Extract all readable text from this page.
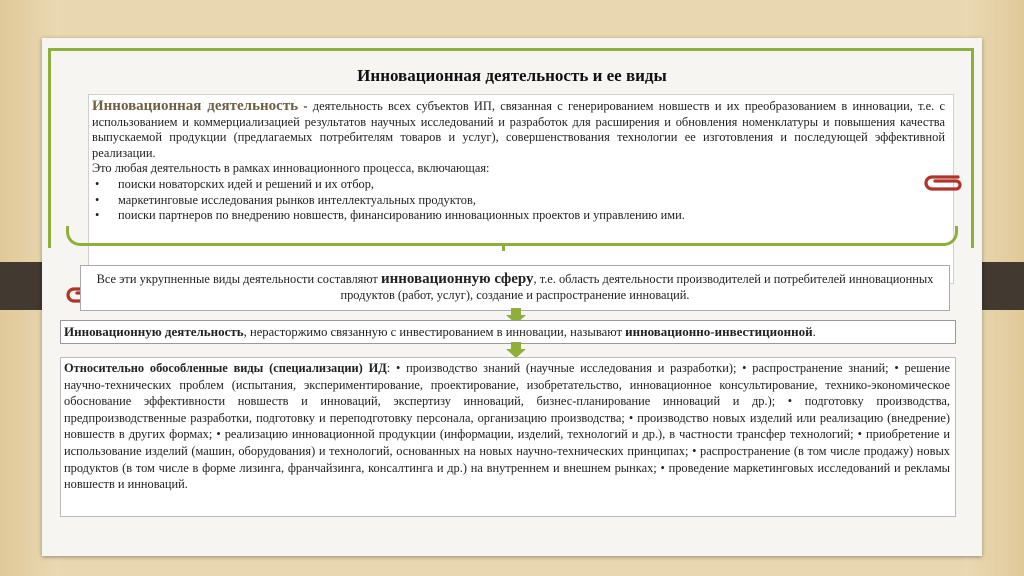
Инновационная деятельность и ее виды

Инновационная деятельность - деятельность всех субъектов ИП, связанная с генерированием новшеств и их преобразованием в инновации, т.е. с использованием и коммерциализацией результатов научных исследований и разработок для расширения и обновления номенклатуры и повышения качества выпускаемой продукции (предлагаемых потребителям товаров и услуг), совершенствования технологии ее изготовления и последующей эффективной реализации.

Это любая деятельность в рамках инновационного процесса, включающая:

• поиски новаторских идей и решений и их отбор,
• маркетинговые исследования рынков интеллектуальных продуктов,
• поиски партнеров по внедрению новшеств, финансированию инновационных проектов и управлению ими.
Все эти укрупненные виды деятельности составляют инновационную сферу, т.е. область деятельности производителей и потребителей инновационных продуктов (работ, услуг), создание и распространение инноваций.
Инновационную деятельность, нерасторжимо связанную с инвестированием в инновации, называют инновационно-инвестиционной.
Относительно обособленные виды (специализации) ИД: • производство знаний (научные исследования и разработки); • распространение знаний; • решение научно-технических проблем (испытания, экспериментирование, проектирование, изобретательство, инновационное консультирование, технико-экономическое обоснование эффективности новшеств и инноваций, экспертизу инноваций, бизнес-планирование инноваций и др.); • подготовку производства, предпроизводственные разработки, подготовку и переподготовку персонала, организацию производства; • производство новых изделий или реализацию (внедрение) новшеств в других формах; • реализацию инновационной продукции (информации, изделий, технологий и др.), в частности трансфер технологий; • приобретение и использование изделий (машин, оборудования) и технологий, основанных на новых научно-технических принципах; • распространение (в том числе продажу) новых продуктов (в том числе в форме лизинга, франчайзинга, консалтинга и др.) на внутреннем и внешнем рынках; • проведение маркетинговых исследований и рекламы новшеств и инноваций.
